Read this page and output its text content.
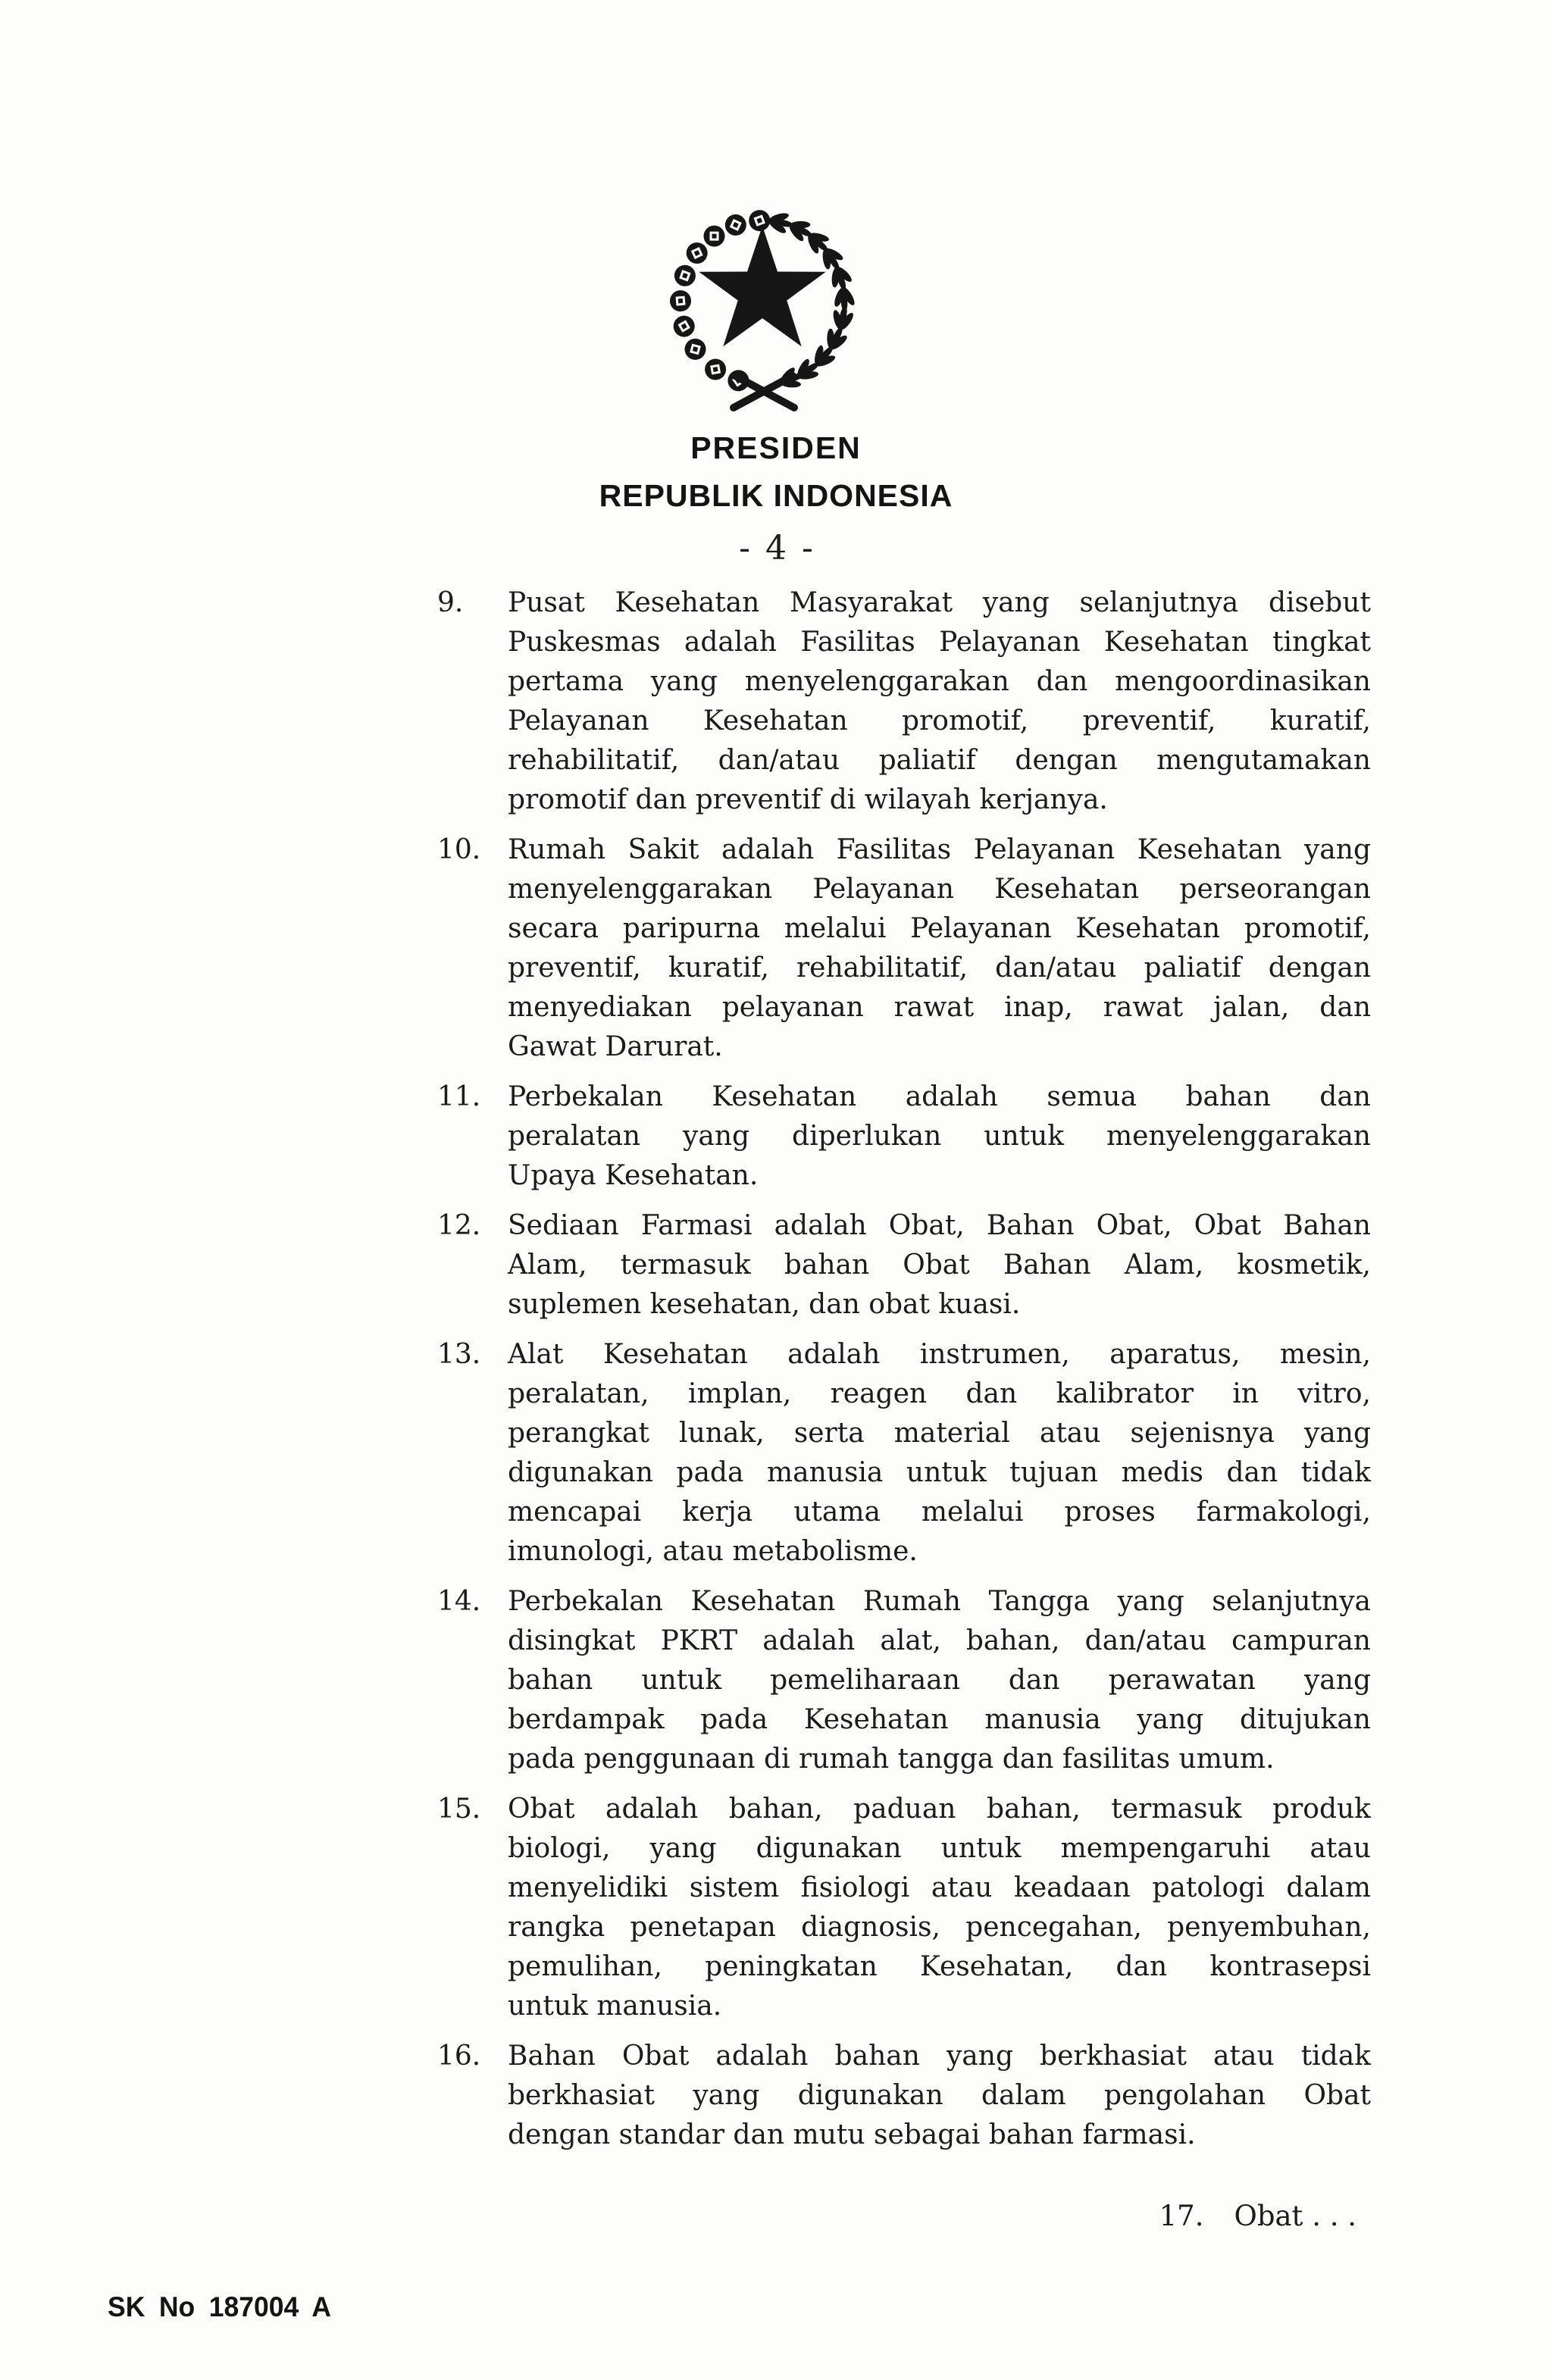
PRESIDEN
REPUBLIK INDONESIA
- 4 -
9.	Pusat Kesehatan Masyarakat yang selanjutnya disebut
Puskesmas adalah Fasilitas Pelayanan Kesehatan tingkat
pertama yang menyelenggarakan dan mengoordinasikan
Pelayanan Kesehatan promotif, preventif, kuratif,
rehabilitatif, dan/atau paliatif dengan mengutamakan
promotif dan preventif di wilayah kerjanya.
10. Rumah Sakit adalah Fasilitas Pelayanan Kesehatan yang
menyelenggarakan Pelayanan Kesehatan perseorangan
secara paripurna melalui Pelayanan Kesehatan promotif,
preventif, kuratif, rehabilitatif, dan/atau paliatif dengan
menyediakan pelayanan rawat inap, rawat jalan, dan
Gawat Darurat.
11. Perbekalan Kesehatan adalah semua bahan dan
peralatan yang diperlukan untuk menyelenggarakan
Upaya Kesehatan.
12. Sediaan Farmasi adalah Obat, Bahan Obat, Obat Bahan
Alam, termasuk bahan Obat Bahan Alam, kosmetik,
suplemen kesehatan, dan obat kuasi.
13. Alat Kesehatan adalah instrumen, aparatus, mesin,
peralatan, implan, reagen dan kalibrator in vitro,
perangkat lunak, serta material atau sejenisnya yang
digunakan pada manusia untuk tujuan medis dan tidak
mencapai kerja utama melalui proses farmakologi,
imunologi, atau metabolisme.
14. Perbekalan Kesehatan Rumah Tangga yang selanjutnya
disingkat PKRT adalah alat, bahan, dan/atau campuran
bahan untuk pemeliharaan dan perawatan yang
berdampak pada Kesehatan manusia yang ditujukan
pada penggunaan di rumah tangga dan fasilitas umum.
15. Obat adalah bahan, paduan bahan, termasuk produk
biologi, yang digunakan untuk mempengaruhi atau
menyelidiki sistem fisiologi atau keadaan patologi dalam
rangka penetapan diagnosis, pencegahan, penyembuhan,
pemulihan, peningkatan Kesehatan, dan kontrasepsi
untuk manusia.
16. Bahan Obat adalah bahan yang berkhasiat atau tidak
berkhasiat yang digunakan dalam pengolahan Obat
dengan standar dan mutu sebagai bahan farmasi.
17. Obat . . .
SK No 187004 A
